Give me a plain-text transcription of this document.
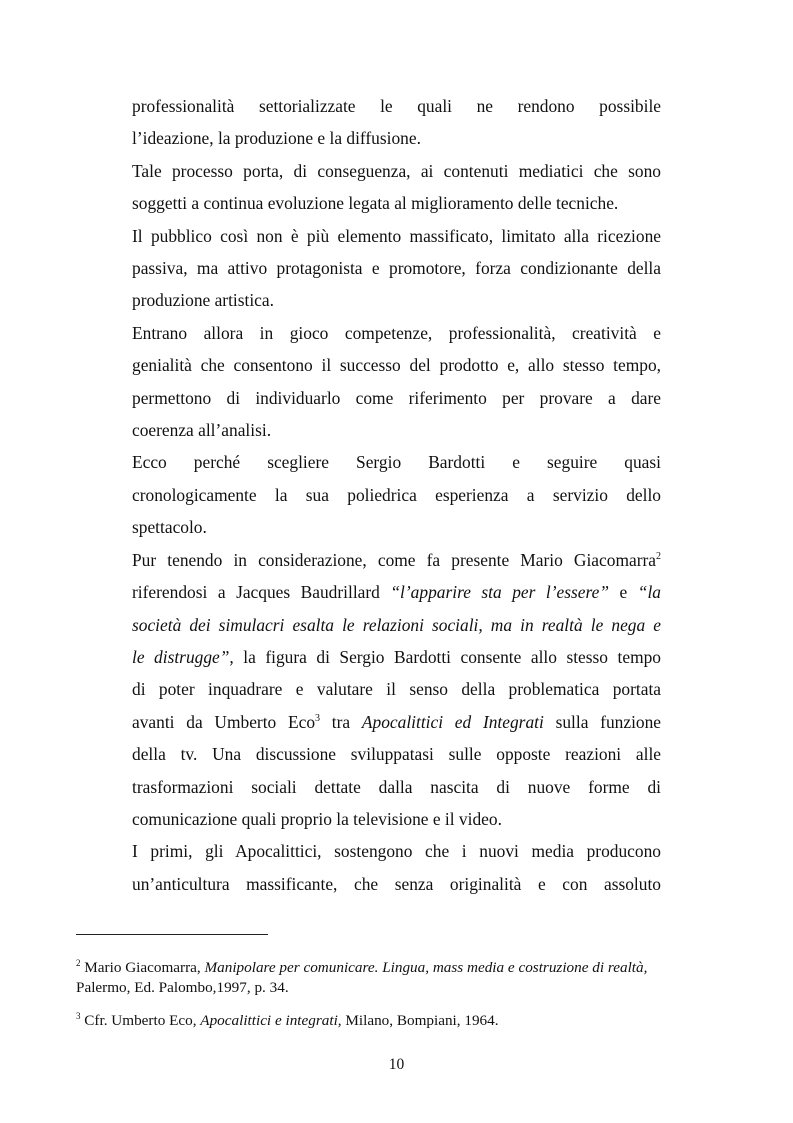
professionalità settorializzate le quali ne rendono possibile
l’ideazione, la produzione e la diffusione.

Tale processo porta, di conseguenza, ai contenuti mediatici che sono
soggetti a continua evoluzione legata al miglioramento delle tecniche.

Il pubblico così non è più elemento massificato, limitato alla ricezione
passiva, ma attivo protagonista e promotore, forza condizionante della
produzione artistica.

Entrano allora in gioco competenze, professionalità, creatività e
genialità che consentono il successo del prodotto e, allo stesso tempo,
permettono di individuarlo come riferimento per provare a dare
coerenza all’analisi.

Ecco perché scegliere Sergio Bardotti e seguire quasi
cronologicamente la sua poliedrica esperienza a servizio dello
spettacolo.

Pur tenendo in considerazione, come fa presente Mario Giacomarra$^2$
riferendosi a Jacques Baudrillard “l’apparire sta per l’essere” e “la
società dei simulacri esalta le relazioni sociali, ma in realtà le nega e
le distrugge”, la figura di Sergio Bardotti consente allo stesso tempo
di poter inquadrare e valutare il senso della problematica portata
avanti da Umberto Eco$^3$ tra Apocalittici ed Integrati sulla funzione
della tv. Una discussione sviluppatasi sulle opposte reazioni alle
trasformazioni sociali dettate dalla nascita di nuove forme di
comunicazione quali proprio la televisione e il video.

I primi, gli Apocalittici, sostengono che i nuovi media producono
un’anticultura massificante, che senza originalità e con assoluto

$^2$ Mario Giacomarra, Manipolare per comunicare. Lingua, mass media e costruzione di realtà, Palermo, Ed. Palombo,1997, p. 34.

$^3$ Cfr. Umberto Eco, Apocalittici e integrati, Milano, Bompiani, 1964.

10
